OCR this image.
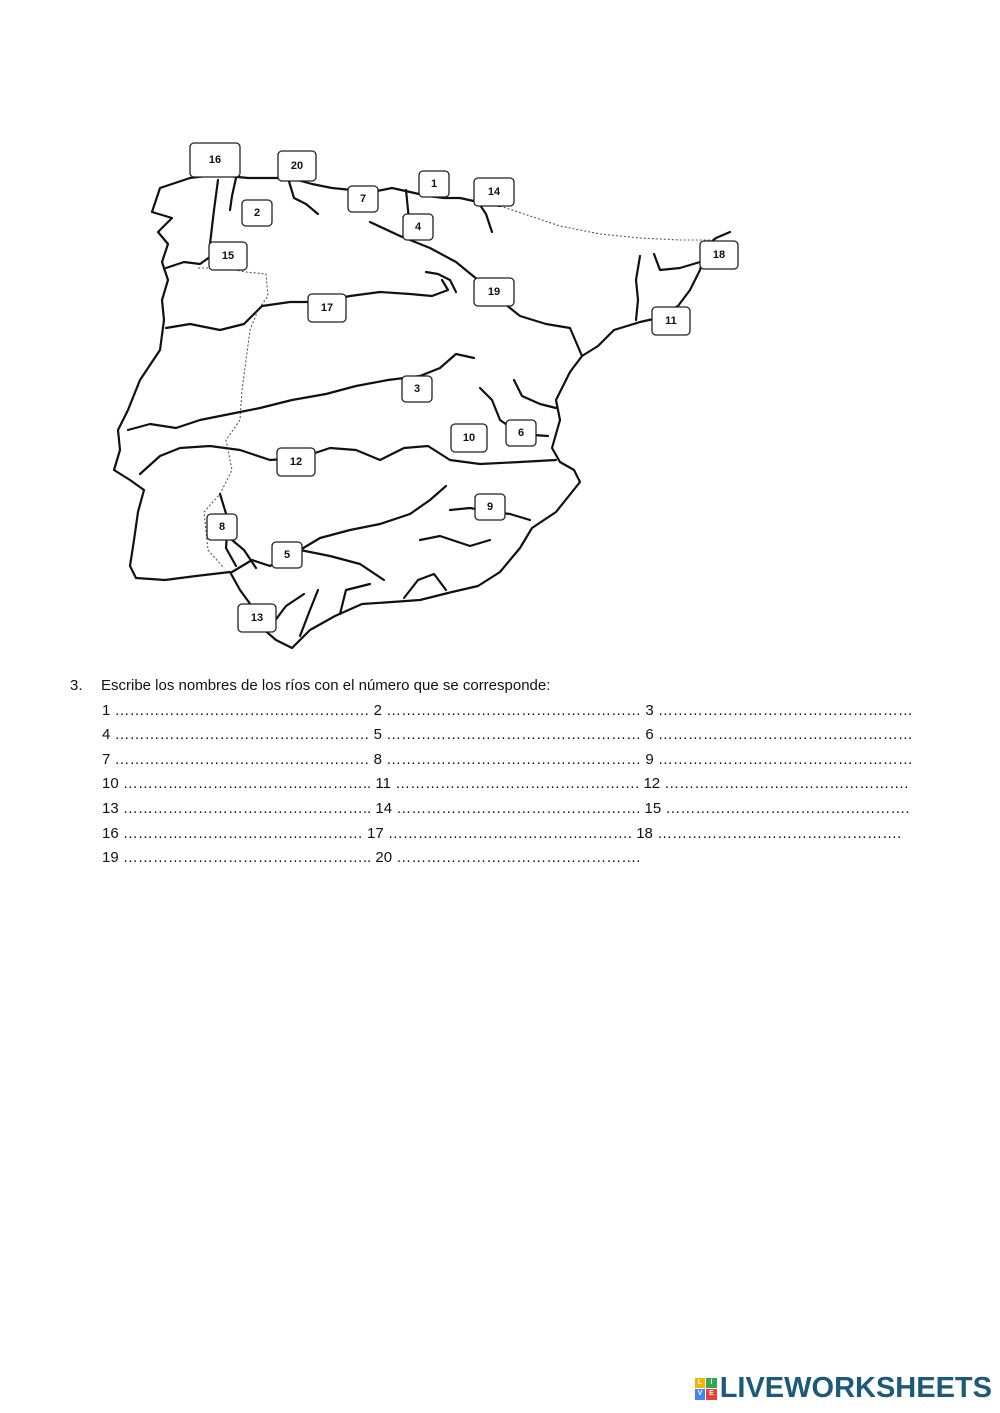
1
2
3
4
5
6
7
8
9
10
11
12
13
14
15
16
17
18
19
20
3.	Escribe los nombres de los ríos con el número que se corresponde:
1 …………………………………………… 2 …………………………………………… 3 ……………………………………………
4 …………………………………………… 5 …………………………………………… 6 ……………………………………………
7 …………………………………………… 8 …………………………………………… 9 ……………………………………………
10 ………………………………………….. 11 …………………………………………. 12 ………………………………………….
13 ………………………………………….. 14 …………………………………………. 15 ………………………………………….
16 ………………………………………… 17 …………………………………………. 18 ………………………………………….
19 ………………………………………….. 20 ………………………………………….
L	I
V E LIVEWORKSHEETS
